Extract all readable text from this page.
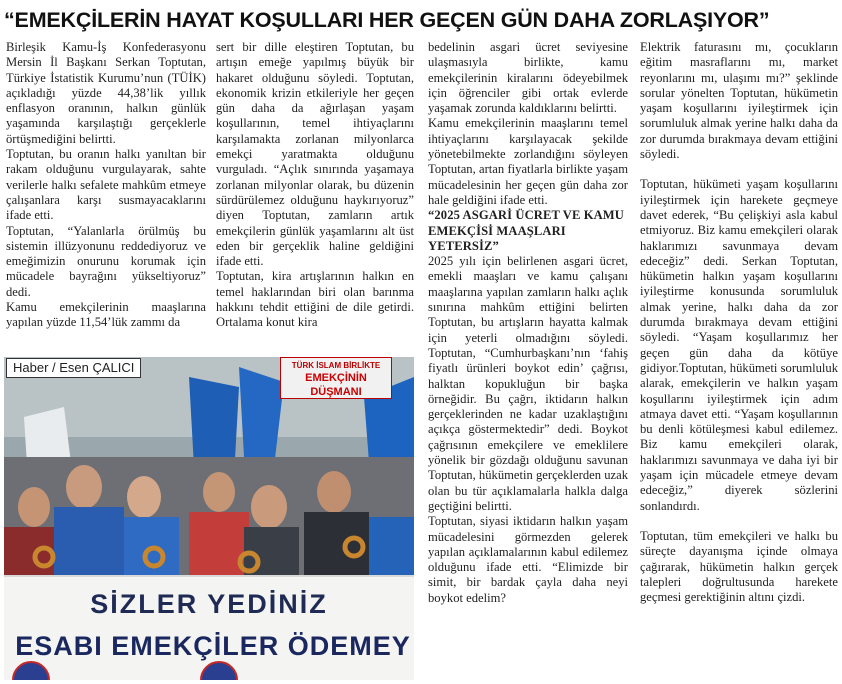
“EMEKÇİLERİN HAYAT KOŞULLARI HER GEÇEN GÜN DAHA ZORLAŞIYOR”

Birleşik Kamu-İş Konfederasyonu Mersin İl Başkanı Serkan Toptutan, Türkiye İstatistik Kurumu’nun (TÜİK) açıkladığı yüzde 44,38’lik yıllık enflasyon oranının, halkın günlük yaşamında karşılaştığı gerçeklerle örtüşmediğini belirtti.

Toptutan, bu oranın halkı yanıltan bir rakam olduğunu vurgulayarak, sahte verilerle halkı sefalete mahkûm etmeye çalışanlara karşı susmayacaklarını ifade etti.

Toptutan, “Yalanlarla örülmüş bu sistemin illüzyonunu reddediyoruz ve emeğimizin onurunu korumak için mücadele bayrağını yükseltiyoruz” dedi.

Kamu emekçilerinin maaşlarına yapılan yüzde 11,54’lük zammı da

sert bir dille eleştiren Toptutan, bu artışın emeğe yapılmış büyük bir hakaret olduğunu söyledi. Toptutan, ekonomik krizin etkileriyle her geçen gün daha da ağırlaşan yaşam koşullarının, temel ihtiyaçlarını karşılamakta zorlanan milyonlarca emekçi yaratmakta olduğunu vurguladı. “Açlık sınırında yaşamaya zorlanan milyonlar olarak, bu düzenin sürdürülemez olduğunu haykırıyoruz” diyen Toptutan, zamların artık emekçilerin günlük yaşamlarını alt üst eden bir gerçeklik haline geldiğini ifade etti.

Toptutan, kira artışlarının halkın en temel haklarından biri olan barınma hakkını tehdit ettiğini de dile getirdi. Ortalama konut kira

bedelinin asgari ücret seviyesine ulaşmasıyla birlikte, kamu emekçilerinin kiralarını ödeyebilmek için öğrenciler gibi ortak evlerde yaşamak zorunda kaldıklarını belirtti.

Kamu emekçilerinin maaşlarını temel ihtiyaçlarını karşılayacak şekilde yönetebilmekte zorlandığını söyleyen Toptutan, artan fiyatlarla birlikte yaşam mücadelesinin her geçen gün daha zor hale geldiğini ifade etti.

“2025 ASGARİ ÜCRET VE KAMU EMEKÇİSİ MAAŞLARI YETERSİZ”

2025 yılı için belirlenen asgari ücret, emekli maaşları ve kamu çalışanı maaşlarına yapılan zamların halkı açlık sınırına mahkûm ettiğini belirten Toptutan, bu artışların hayatta kalmak için yeterli olmadığını söyledi. Toptutan, “Cumhurbaşkanı’nın ‘fahiş fiyatlı ürünleri boykot edin’ çağrısı, halktan kopukluğun bir başka örneğidir. Bu çağrı, iktidarın halkın gerçeklerinden ne kadar uzaklaştığını açıkça göstermektedir” dedi. Boykot çağrısının emekçilere ve emeklilere yönelik bir gözdağı olduğunu savunan Toptutan, hükümetin gerçeklerden uzak olan bu tür açıklamalarla halkla dalga geçtiğini belirtti.

Toptutan, siyasi iktidarın halkın yaşam mücadelesini görmezden gelerek yapılan açıklamalarının kabul edilemez olduğunu ifade etti. “Elimizde bir simit, bir bardak çayla daha neyi boykot edelim?

Elektrik faturasını mı, çocukların eğitim masraflarını mı, market reyonlarını mı, ulaşımı mı?” şeklinde sorular yönelten Toptutan, hükümetin yaşam koşullarını iyileştirmek için sorumluluk almak yerine halkı daha da zor durumda bırakmaya devam ettiğini söyledi.

Toptutan, hükümeti yaşam koşullarını iyileştirmek için harekete geçmeye davet ederek, “Bu çelişkiyi asla kabul etmiyoruz. Biz kamu emekçileri olarak haklarımızı savunmaya devam edeceğiz” dedi. Serkan Toptutan, hükümetin halkın yaşam koşullarını iyileştirme konusunda sorumluluk almak yerine, halkı daha da zor durumda bırakmaya devam ettiğini söyledi. “Yaşam koşullarımız her geçen gün daha da kötüye gidiyor.Toptutan, hükümeti sorumluluk alarak, emekçilerin ve halkın yaşam koşullarını iyileştirmek için adım atmaya davet etti. “Yaşam koşullarının bu denli kötüleşmesi kabul edilemez. Biz kamu emekçileri olarak, haklarımızı savunmaya ve daha iyi bir yaşam için mücadele etmeye devam edeceğiz,” diyerek sözlerini sonlandırdı.

Toptutan, tüm emekçileri ve halkı bu süreçte dayanışma içinde olmaya çağırarak, hükümetin halkın gerçek talepleri doğrultusunda harekete geçmesi gerektiğinin altını çizdi.

Haber / Esen ÇALICI	TÜRK İSLAM BİRLİKTE
EMEKÇİNİN DÜŞMANI
SİZLER YEDİNİZ
ESABI EMEKÇİLER ÖDEMEY
